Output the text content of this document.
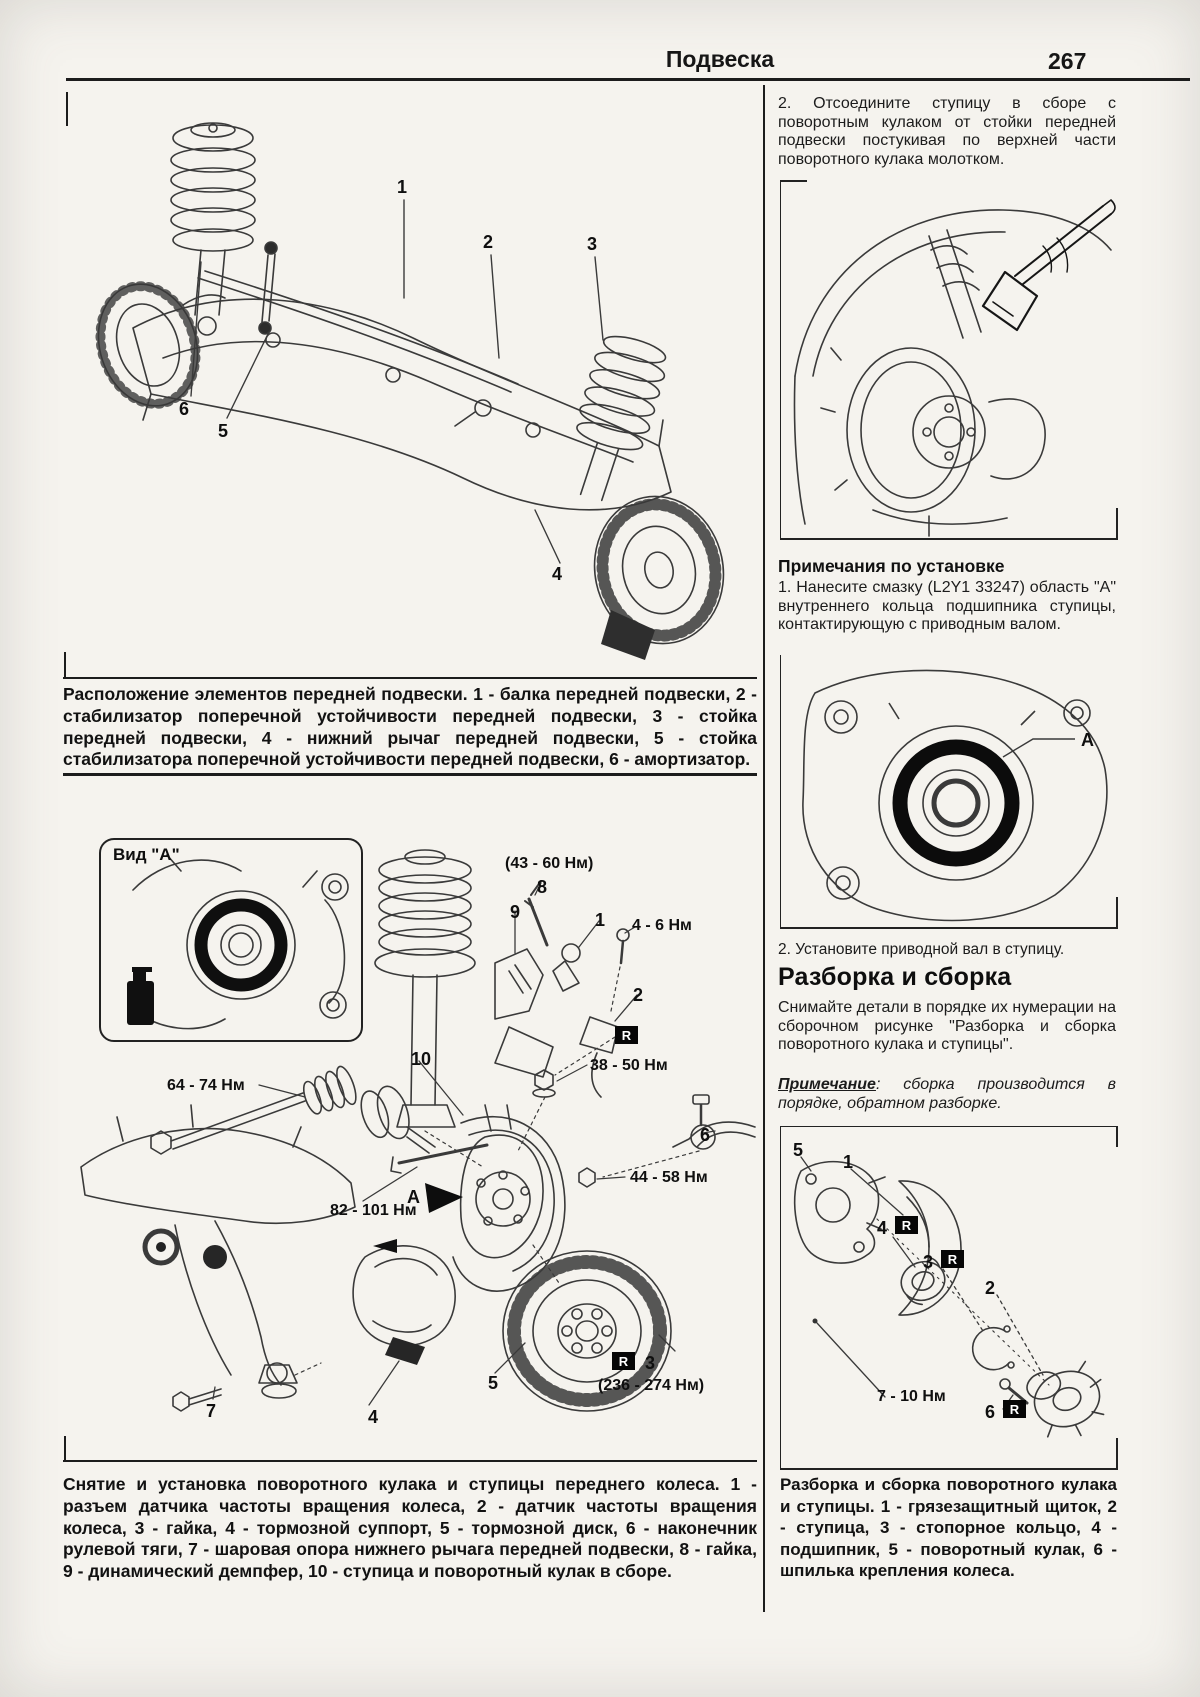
Подвеска	267
1
2	3
6
5
4
Расположение элементов передней подвески. 1 - балка передней подвески, 2 - стабилизатор поперечной устойчивости передней подвески, 3 - стойка передней подвески, 4 - нижний рычаг передней подвески, 5 - стойка стабилизатора поперечной устойчивости передней подвески, 6 - амортизатор.
Вид "А"	(43 - 60 Нм)
8
9	1 4 - 6 Нм
2
R
38 - 50 Нм
10
64 - 74 Нм
А
82 - 101 Нм
44 - 58 Нм
6
5
R 3
(236 - 274 Нм)
4
7
Снятие и установка поворотного кулака и ступицы переднего колеса. 1 - разъем датчика частоты вращения колеса, 2 - датчик частоты вращения колеса, 3 - гайка, 4 - тормозной суппорт, 5 - тормозной диск, 6 - наконечник рулевой тяги, 7 - шаровая опора нижнего рычага передней подвески, 8 - гайка, 9 - динамический демпфер, 10 - ступица и поворотный кулак в сборе.
2. Отсоедините ступицу в сборе с поворотным кулаком от стойки передней подвески постукивая по верхней части поворотного кулака молотком.
Примечания по установке
1. Нанесите смазку (L2Y1 33247) область "А" внутреннего кольца подшипника ступицы, контактирующую с приводным валом.
А
2. Установите приводной вал в ступицу.
Разборка и сборка
Снимайте детали в порядке их нумерации на сборочном рисунке "Разборка и сборка поворотного кулака и ступицы".
Примечание: сборка производится в порядке, обратном разборке.
5
1
4	R
3	R
2
7 - 10 Нм
6	R
Разборка и сборка поворотного кулака и ступицы. 1 - грязезащитный щиток, 2 - ступица, 3 - стопорное кольцо, 4 - подшипник, 5 - поворотный кулак, 6 - шпилька крепления колеса.
